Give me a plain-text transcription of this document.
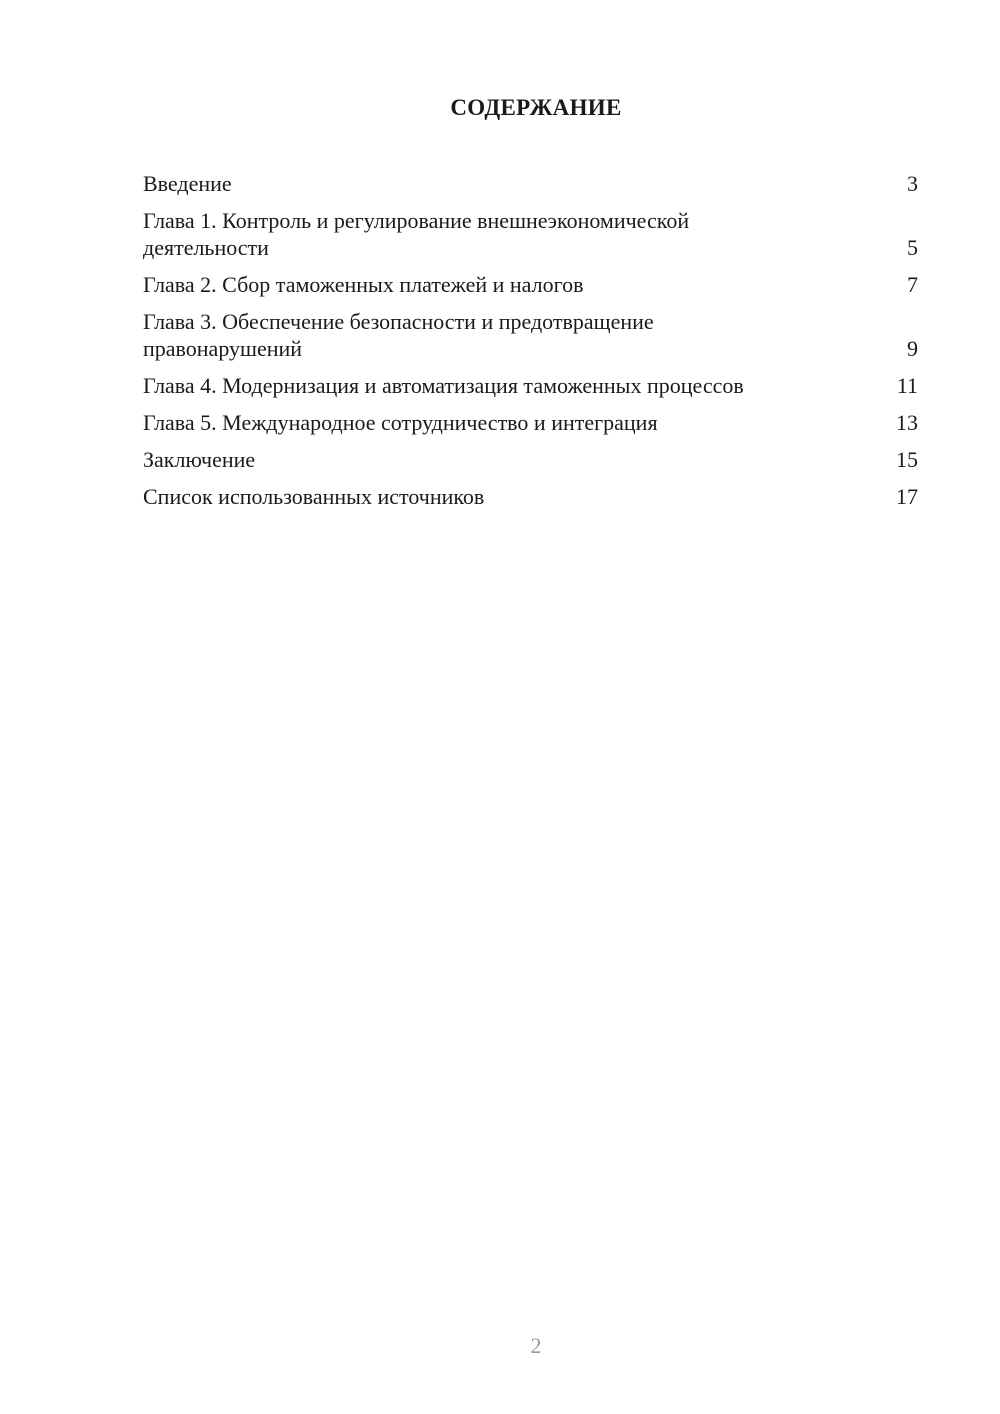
СОДЕРЖАНИЕ
Введение	3
Глава 1. Контроль и регулирование внешнеэкономической деятельности	5
Глава 2. Сбор таможенных платежей и налогов	7
Глава 3. Обеспечение безопасности и предотвращение правонарушений	9
Глава 4. Модернизация и автоматизация таможенных процессов	11
Глава 5. Международное сотрудничество и интеграция	13
Заключение	15
Список использованных источников	17
2
